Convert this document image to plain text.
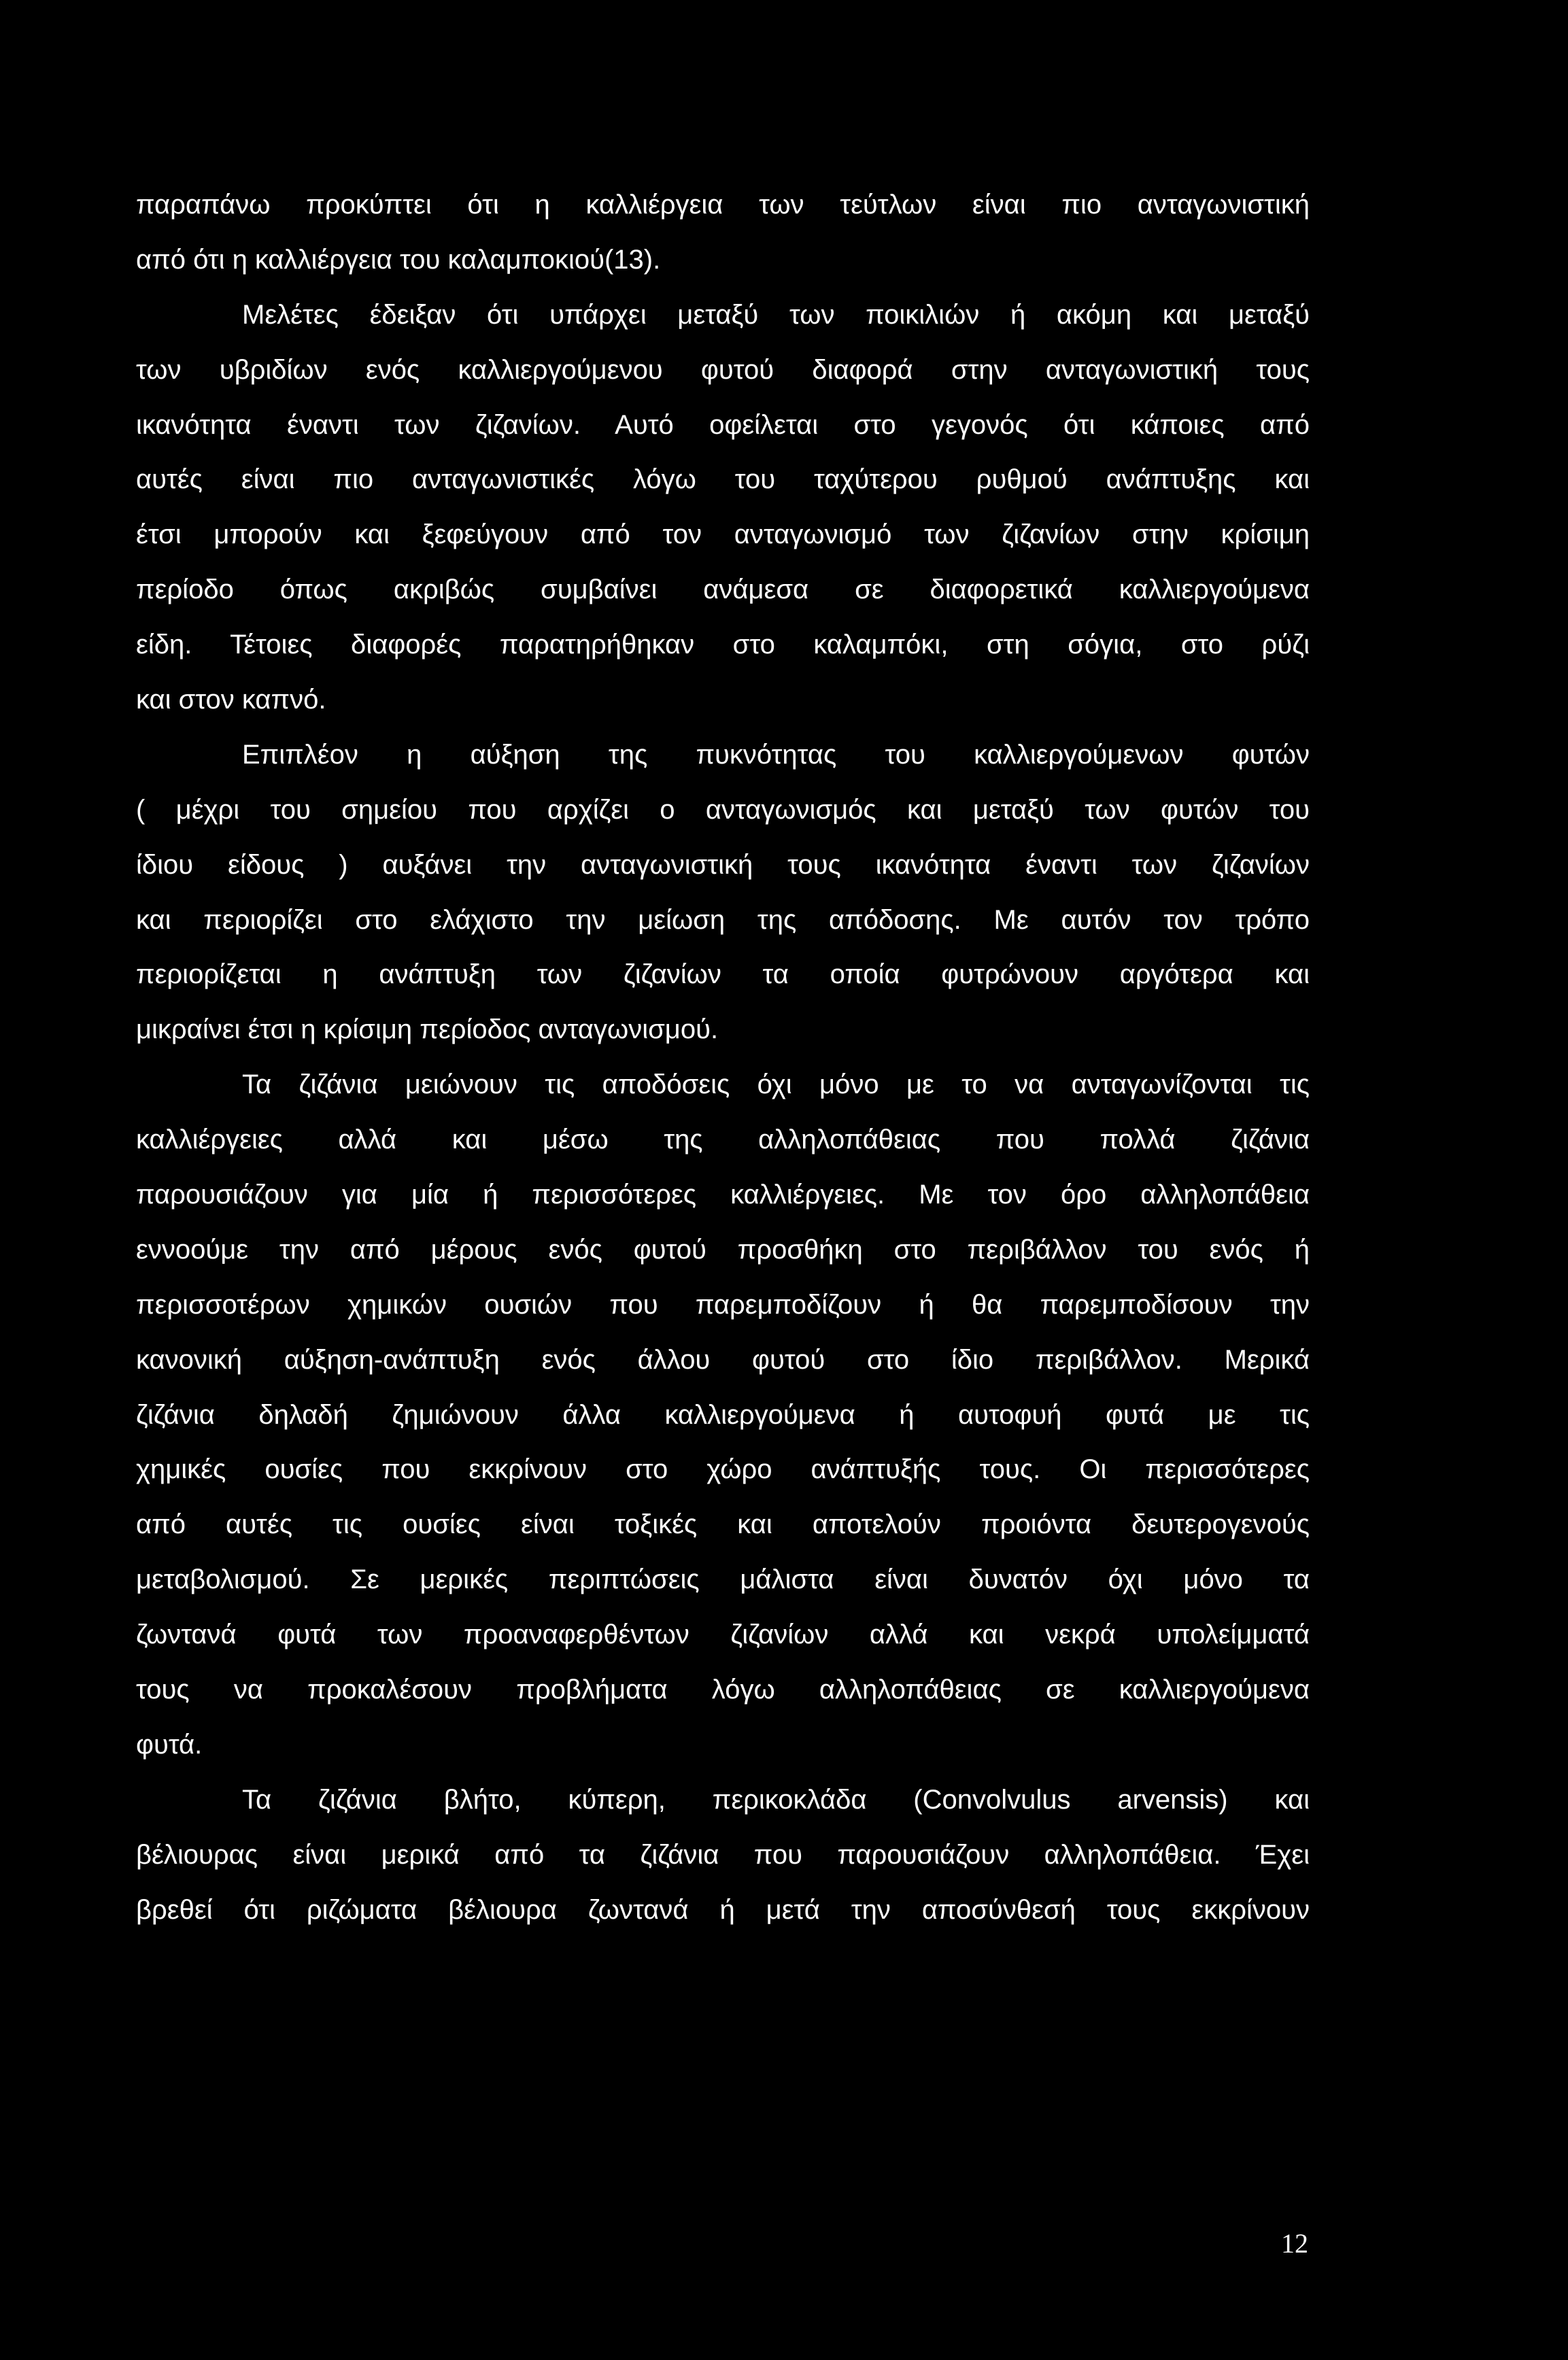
παραπάνω προκύπτει ότι η καλλιέργεια των τεύτλων είναι πιο ανταγωνιστική
από ότι η καλλιέργεια του καλαμποκιού(13).
Μελέτες έδειξαν ότι υπάρχει μεταξύ των ποικιλιών ή ακόμη και μεταξύ
των υβριδίων ενός καλλιεργούμενου φυτού διαφορά στην ανταγωνιστική τους
ικανότητα έναντι των ζιζανίων. Αυτό οφείλεται στο γεγονός ότι κάποιες από
αυτές είναι πιο ανταγωνιστικές λόγω του ταχύτερου ρυθμού ανάπτυξης και
έτσι μπορούν και ξεφεύγουν από τον ανταγωνισμό των ζιζανίων στην κρίσιμη
περίοδο όπως ακριβώς συμβαίνει ανάμεσα σε διαφορετικά καλλιεργούμενα
είδη. Τέτοιες διαφορές παρατηρήθηκαν στο καλαμπόκι, στη σόγια, στο ρύζι
και στον καπνό.
Επιπλέον η αύξηση της πυκνότητας του καλλιεργούμενων φυτών
( μέχρι του σημείου που αρχίζει ο ανταγωνισμός και μεταξύ των φυτών του
ίδιου είδους ) αυξάνει την ανταγωνιστική τους ικανότητα έναντι των ζιζανίων
και περιορίζει στο ελάχιστο την μείωση της απόδοσης. Με αυτόν τον τρόπο
περιορίζεται η ανάπτυξη των ζιζανίων τα οποία φυτρώνουν αργότερα και
μικραίνει έτσι η κρίσιμη περίοδος ανταγωνισμού.
Τα ζιζάνια μειώνουν τις αποδόσεις όχι μόνο με το να ανταγωνίζονται τις
καλλιέργειες αλλά και μέσω της αλληλοπάθειας που πολλά ζιζάνια
παρουσιάζουν για μία ή περισσότερες καλλιέργειες. Με τον όρο αλληλοπάθεια
εννοούμε την από μέρους ενός φυτού προσθήκη στο περιβάλλον του ενός ή
περισσοτέρων χημικών ουσιών που παρεμποδίζουν ή θα παρεμποδίσουν την
κανονική αύξηση-ανάπτυξη ενός άλλου φυτού στο ίδιο περιβάλλον. Μερικά
ζιζάνια δηλαδή ζημιώνουν άλλα καλλιεργούμενα ή αυτοφυή φυτά με τις
χημικές ουσίες που εκκρίνουν στο χώρο ανάπτυξής τους. Οι περισσότερες
από αυτές τις ουσίες είναι τοξικές και αποτελούν προιόντα δευτερογενούς
μεταβολισμού. Σε μερικές περιπτώσεις μάλιστα είναι δυνατόν όχι μόνο τα
ζωντανά φυτά των προαναφερθέντων ζιζανίων αλλά και νεκρά υπολείμματά
τους να προκαλέσουν προβλήματα λόγω αλληλοπάθειας σε καλλιεργούμενα
φυτά.
Τα ζιζάνια βλήτο, κύπερη, περικοκλάδα (Convolvulus arvensis) και
βέλιουρας είναι μερικά από τα ζιζάνια που παρουσιάζουν αλληλοπάθεια. Έχει
βρεθεί ότι ριζώματα βέλιουρα ζωντανά ή μετά την αποσύνθεσή τους εκκρίνουν
12
